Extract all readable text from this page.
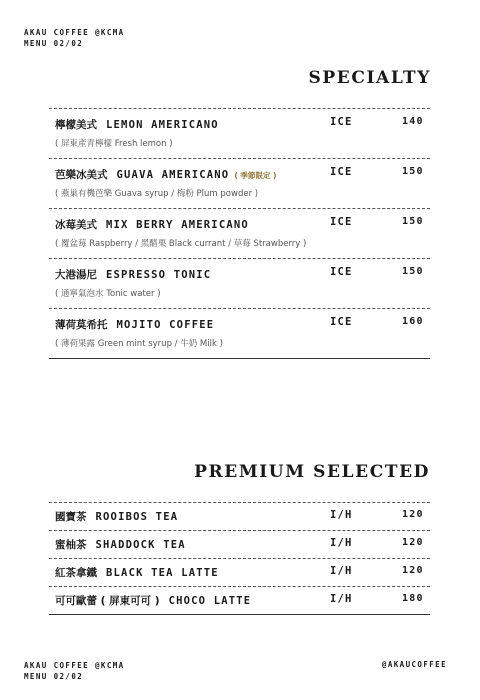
AKAU COFFEE @KCMA
MENU 02/02
SPECIALTY
檸檬美式 LEMON AMERICANO	ICE	140
( 屏東產青檸檬 Fresh lemon )
芭樂冰美式 GUAVA AMERICANO ( 季節限定 )	ICE	150
( 燕巢有機芭樂 Guava syrup / 梅粉 Plum powder )
冰莓美式 MIX BERRY AMERICANO	ICE	150
( 覆盆莓 Raspberry / 黑醋栗 Black currant / 草莓 Strawberry )
大港湯尼 ESPRESSO TONIC	ICE	150
( 通寧氣泡水 Tonic water )
薄荷莫希托 MOJITO COFFEE	ICE	160
( 薄荷果露 Green mint syrup / 牛奶 Milk )
PREMIUM SELECTED
國寶茶 ROOIBOS TEA	I/H	120
蜜柚茶 SHADDOCK TEA	I/H	120
紅茶拿鐵 BLACK TEA LATTE	I/H	120
可可歐蕾 ( 屏東可可 ) CHOCO LATTE	I/H	180
AKAU COFFEE @KCMA
MENU 02/02
@AKAUCOFFEE
